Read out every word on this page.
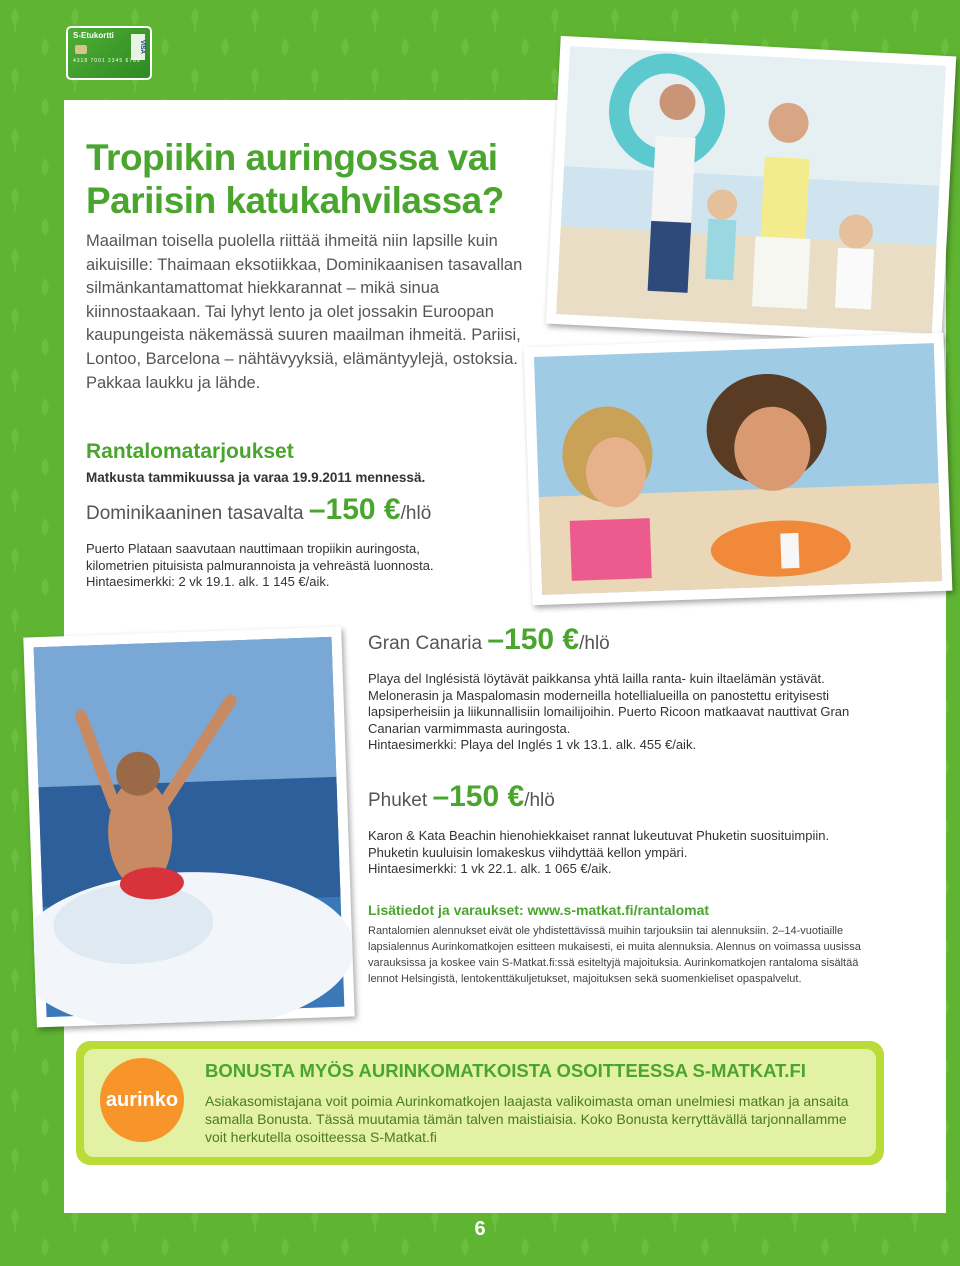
S-Etukortti
VISA
4318 7001 2345 6789
Tropiikin auringossa vai
Pariisin katukahvilassa?

Maailman toisella puolella riittää ihmeitä niin lapsille kuin aikuisille: Thaimaan eksotiikkaa, Dominikaanisen tasavallan silmänkantamattomat hiekkarannat – mikä sinua kiinnostaakaan. Tai lyhyt lento ja olet jossakin Euroopan kaupungeista näkemässä suuren maailman ihmeitä. Pariisi, Lontoo, Barcelona – nähtävyyksiä, elämäntyylejä, ostoksia. Pakkaa laukku ja lähde.

Rantalomatarjoukset

Matkusta tammikuussa ja varaa 19.9.2011 mennessä.

Dominikaaninen tasavalta –150 €/hlö

Puerto Plataan saavutaan nauttimaan tropiikin auringosta, kilometrien pituisista palmurannoista ja vehreästä luonnosta.
Hintaesimerkki: 2 vk 19.1. alk. 1 145 €/aik.

Gran Canaria –150 €/hlö

Playa del Inglésistä löytävät paikkansa yhtä lailla ranta- kuin iltaelämän ystävät. Melonerasin ja Maspalomasin moderneilla hotellialueilla on panostettu erityisesti lapsiperheisiin ja liikunnallisiin lomailijoihin. Puerto Ricoon matkaavat nauttivat Gran Canarian varmimmasta auringosta.
Hintaesimerkki: Playa del Inglés 1 vk 13.1. alk. 455 €/aik.

Phuket –150 €/hlö

Karon & Kata Beachin hienohiekkaiset rannat lukeutuvat Phuketin suosituimpiin. Phuketin kuuluisin lomakeskus viihdyttää kellon ympäri.
Hintaesimerkki: 1 vk 22.1. alk. 1 065 €/aik.

Lisätiedot ja varaukset: www.s-matkat.fi/rantalomat

Rantalomien alennukset eivät ole yhdistettävissä muihin tarjouksiin tai alennuksiin. 2–14-vuotiaille lapsialennus Aurinkomatkojen esitteen mukaisesti, ei muita alennuksia. Alennus on voimassa uusissa varauksissa ja koskee vain S-Matkat.fi:ssä esiteltyjä majoituksia. Aurinkomatkojen rantaloma sisältää lennot Helsingistä, lentokenttäkuljetukset, majoituksen sekä suomenkieliset opaspalvelut.

aurinko
BONUSTA MYÖS AURINKOMATKOISTA OSOITTEESSA S-MATKAT.FI

Asiakasomistajana voit poimia Aurinkomatkojen laajasta valikoimasta oman unelmiesi matkan ja ansaita samalla Bonusta. Tässä muutamia tämän talven maistiaisia. Koko Bonusta kerryttävällä tarjonnallamme voit herkutella osoitteessa S-Matkat.fi

6
